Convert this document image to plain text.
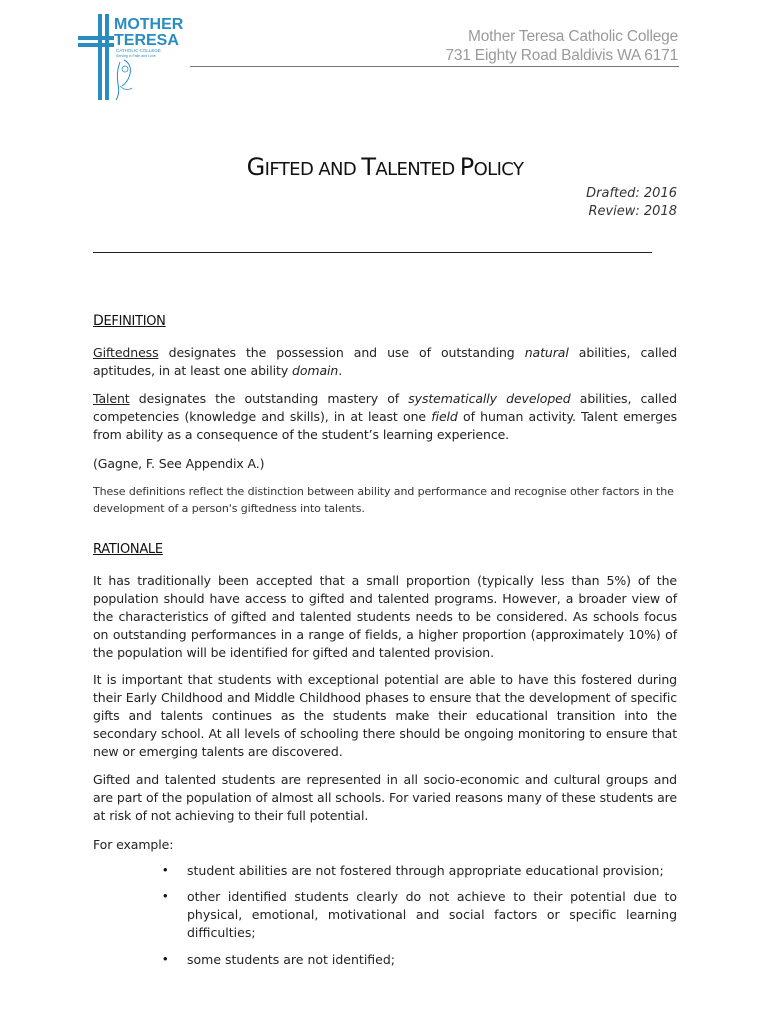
MOTHER
TERESA
CATHOLIC COLLEGE
Serving in Faith and Love
Mother Teresa Catholic College
731 Eighty Road Baldivis WA 6171
GIFTED AND TALENTED POLICY
Drafted: 2016
Review: 2018
DEFINITION
Giftedness designates the possession and use of outstanding natural abilities, called aptitudes, in at least one ability domain.
Talent designates the outstanding mastery of systematically developed abilities, called competencies (knowledge and skills), in at least one field of human activity. Talent emerges from ability as a consequence of the student’s learning experience.
(Gagne, F. See Appendix A.)
These definitions reflect the distinction between ability and performance and recognise other factors in the development of a person's giftedness into talents.
RATIONALE
It has traditionally been accepted that a small proportion (typically less than 5%) of the population should have access to gifted and talented programs. However, a broader view of the characteristics of gifted and talented students needs to be considered. As schools focus on outstanding performances in a range of fields, a higher proportion (approximately 10%) of the population will be identified for gifted and talented provision.
It is important that students with exceptional potential are able to have this fostered during their Early Childhood and Middle Childhood phases to ensure that the development of specific gifts and talents continues as the students make their educational transition into the secondary school. At all levels of schooling there should be ongoing monitoring to ensure that new or emerging talents are discovered.
Gifted and talented students are represented in all socio-economic and cultural groups and are part of the population of almost all schools. For varied reasons many of these students are at risk of not achieving to their full potential.
For example:
• student abilities are not fostered through appropriate educational provision;
• other identified students clearly do not achieve to their potential due to physical, emotional, motivational and social factors or specific learning difficulties;
• some students are not identified;
